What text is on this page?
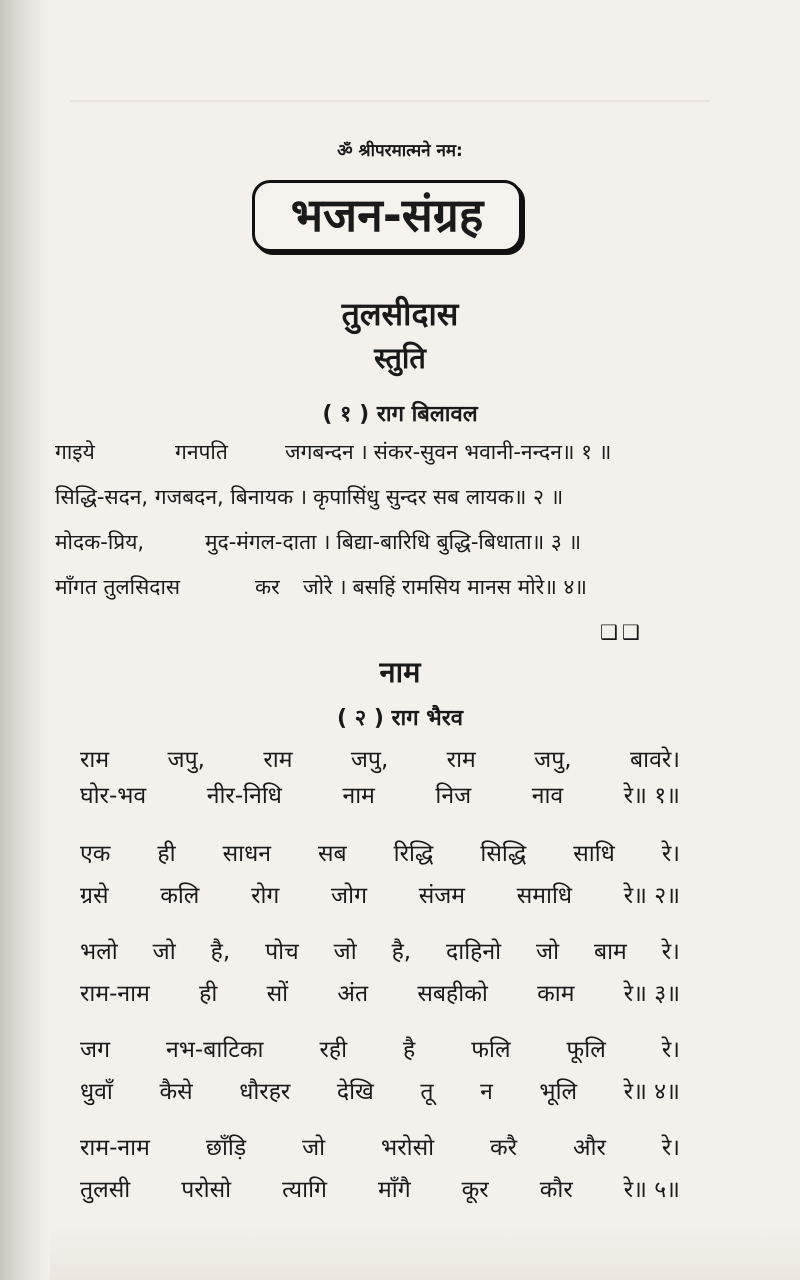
ॐ श्रीपरमात्मने नम:
भजन-संग्रह
तुलसीदास
स्तुति
( १ ) राग बिलावल
गाइये	गनपति	जगबन्दन । संकर-सुवन भवानी-नन्दन॥ १ ॥
सिद्धि-सदन, गजबदन, बिनायक । कृपासिंधु सुन्दर सब लायक॥ २ ॥
मोदक-प्रिय,	मुद-मंगल-दाता । बिद्या-बारिधि बुद्धि-बिधाता॥ ३ ॥
माँगत तुलसिदास	कर	जोरे । बसहिं रामसिय मानस मोरे॥ ४॥
❑❑
नाम
( २ ) राग भैरव
राम	जपु,	राम	जपु,	राम	जपु,	बावरे।
घोर-भव	नीर-निधि	नाम	निज	नाव	रे॥ १॥
एक ही साधन सब रिद्धि सिद्धि साधि रे।
ग्रसे कलि रोग जोग संजम समाधि रे॥ २॥
भलो जो है, पोच जो है, दाहिनो जो बाम रे।
राम-नाम ही सों अंत सबहीको काम रे॥ ३॥
जग नभ-बाटिका रही है फलि फूलि रे।
धुवाँ कैसे धौरहर देखि तू न भूलि रे॥ ४॥
राम-नाम छाँड़ि जो भरोसो करै और रे।
तुलसी परोसो त्यागि माँगै कूर कौर रे॥ ५॥
